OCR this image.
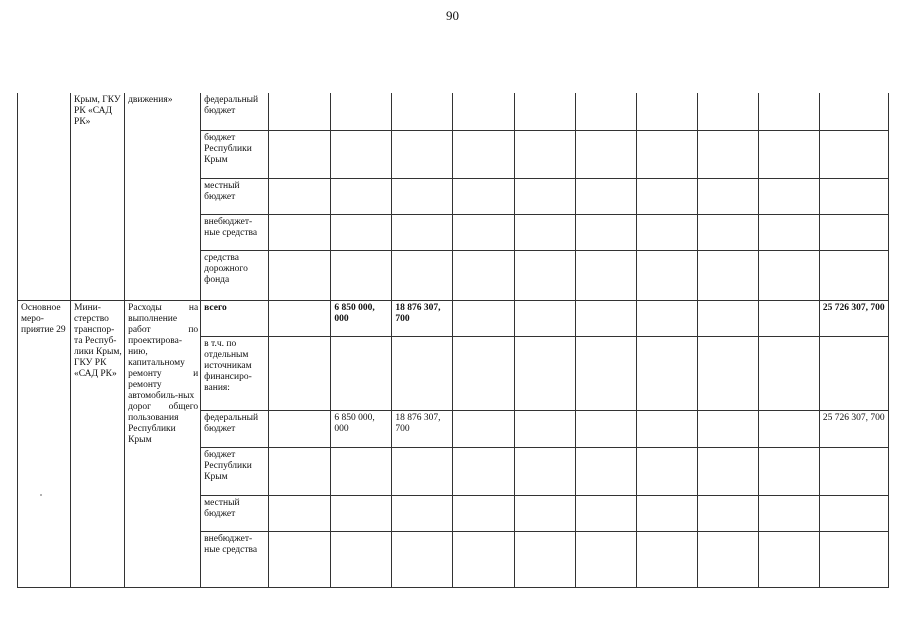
90
	Крым, ГКУ РК «САД РК»	движения»	федеральный бюджет										
			бюджет Республики Крым										
			местный бюджет										
			внебюджет-ные средства										
			средства дорожного фонда										
Основное меро-приятие 29	Мини-стерство транспор-та Респуб-лики Крым, ГКУ РК «САД РК»	Расходы на выполнение работ по проектирова-нию, капитальному ремонту и ремонту автомобиль-ных дорог общего пользования Республики Крым	всего		6 850 000, 000	18 876 307, 700							25 726 307, 700
			в т.ч. по отдельным источникам финансиро-вания:										
			федеральный бюджет		6 850 000, 000	18 876 307, 700							25 726 307, 700
			бюджет Республики Крым										
			местный бюджет										
			внебюджет-ные средства										
